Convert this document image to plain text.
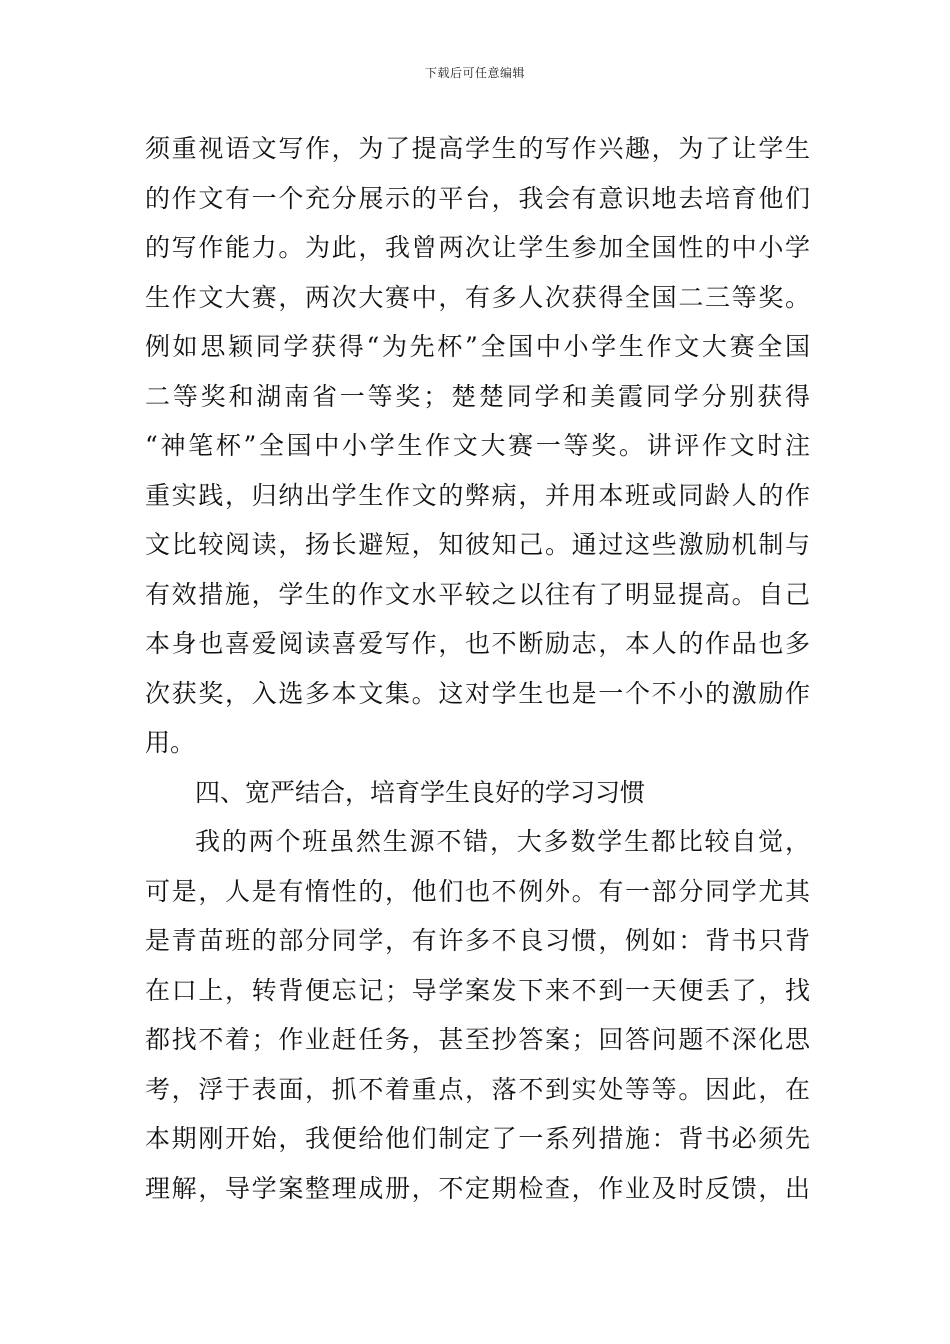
下载后可任意编辑
须重视语文写作，为了提高学生的写作兴趣，为了让学生
的作文有一个充分展示的平台，我会有意识地去培育他们
的写作能力。为此，我曾两次让学生参加全国性的中小学
生作文大赛，两次大赛中，有多人次获得全国二三等奖。
例如思颖同学获得“为先杯”全国中小学生作文大赛全国
二等奖和湖南省一等奖；楚楚同学和美霞同学分别获得
“神笔杯”全国中小学生作文大赛一等奖。讲评作文时注
重实践，归纳出学生作文的弊病，并用本班或同龄人的作
文比较阅读，扬长避短，知彼知己。通过这些激励机制与
有效措施，学生的作文水平较之以往有了明显提高。自己
本身也喜爱阅读喜爱写作，也不断励志，本人的作品也多
次获奖，入选多本文集。这对学生也是一个不小的激励作
用。
四、宽严结合，培育学生良好的学习习惯
我的两个班虽然生源不错，大多数学生都比较自觉，
可是，人是有惰性的，他们也不例外。有一部分同学尤其
是青苗班的部分同学，有许多不良习惯，例如：背书只背
在口上，转背便忘记；导学案发下来不到一天便丢了，找
都找不着；作业赶任务，甚至抄答案；回答问题不深化思
考，浮于表面，抓不着重点，落不到实处等等。因此，在
本期刚开始，我便给他们制定了一系列措施：背书必须先
理解，导学案整理成册，不定期检查，作业及时反馈，出
